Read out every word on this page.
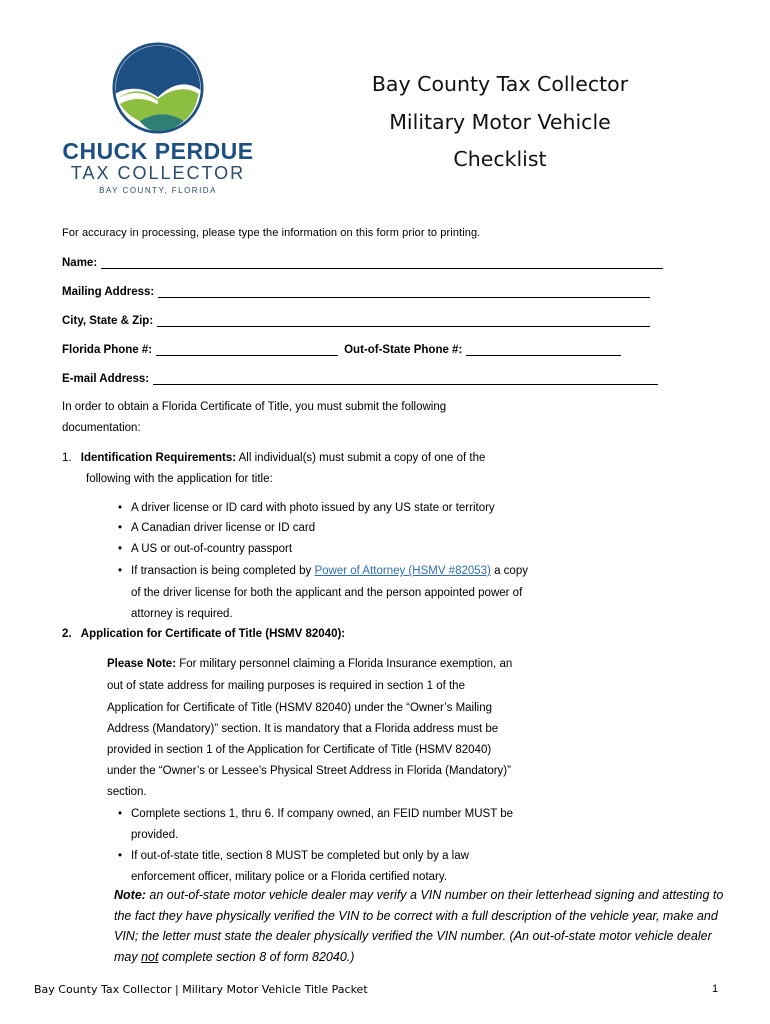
CHUCK PERDUE
TAX COLLECTOR
BAY COUNTY, FLORIDA
Bay County Tax Collector
Military Motor Vehicle
Checklist
For accuracy in processing, please type the information on this form prior to printing.
Name:
Mailing Address:
City, State & Zip:
Florida Phone #:	Out-of-State Phone #:
E-mail Address:
In order to obtain a Florida Certificate of Title, you must submit the following
documentation:
1. Identification Requirements: All individual(s) must submit a copy of one of the
following with the application for title:
• A driver license or ID card with photo issued by any US state or territory
• A Canadian driver license or ID card
• A US or out-of-country passport
• If transaction is being completed by Power of Attorney (HSMV #82053) a copy
of the driver license for both the applicant and the person appointed power of
attorney is required.
2. Application for Certificate of Title (HSMV 82040):
Please Note: For military personnel claiming a Florida Insurance exemption, an
out of state address for mailing purposes is required in section 1 of the
Application for Certificate of Title (HSMV 82040) under the “Owner’s Mailing
Address (Mandatory)” section. It is mandatory that a Florida address must be
provided in section 1 of the Application for Certificate of Title (HSMV 82040)
under the “Owner’s or Lessee’s Physical Street Address in Florida (Mandatory)”
section.
• Complete sections 1, thru 6. If company owned, an FEID number MUST be
provided.
• If out-of-state title, section 8 MUST be completed but only by a law
enforcement officer, military police or a Florida certified notary.
Note: an out-of-state motor vehicle dealer may verify a VIN number on their letterhead signing and attesting to the fact they have physically verified the VIN to be correct with a full description of the vehicle year, make and VIN; the letter must state the dealer physically verified the VIN number. (An out-of-state motor vehicle dealer may not complete section 8 of form 82040.)
Bay County Tax Collector | Military Motor Vehicle Title Packet	1
